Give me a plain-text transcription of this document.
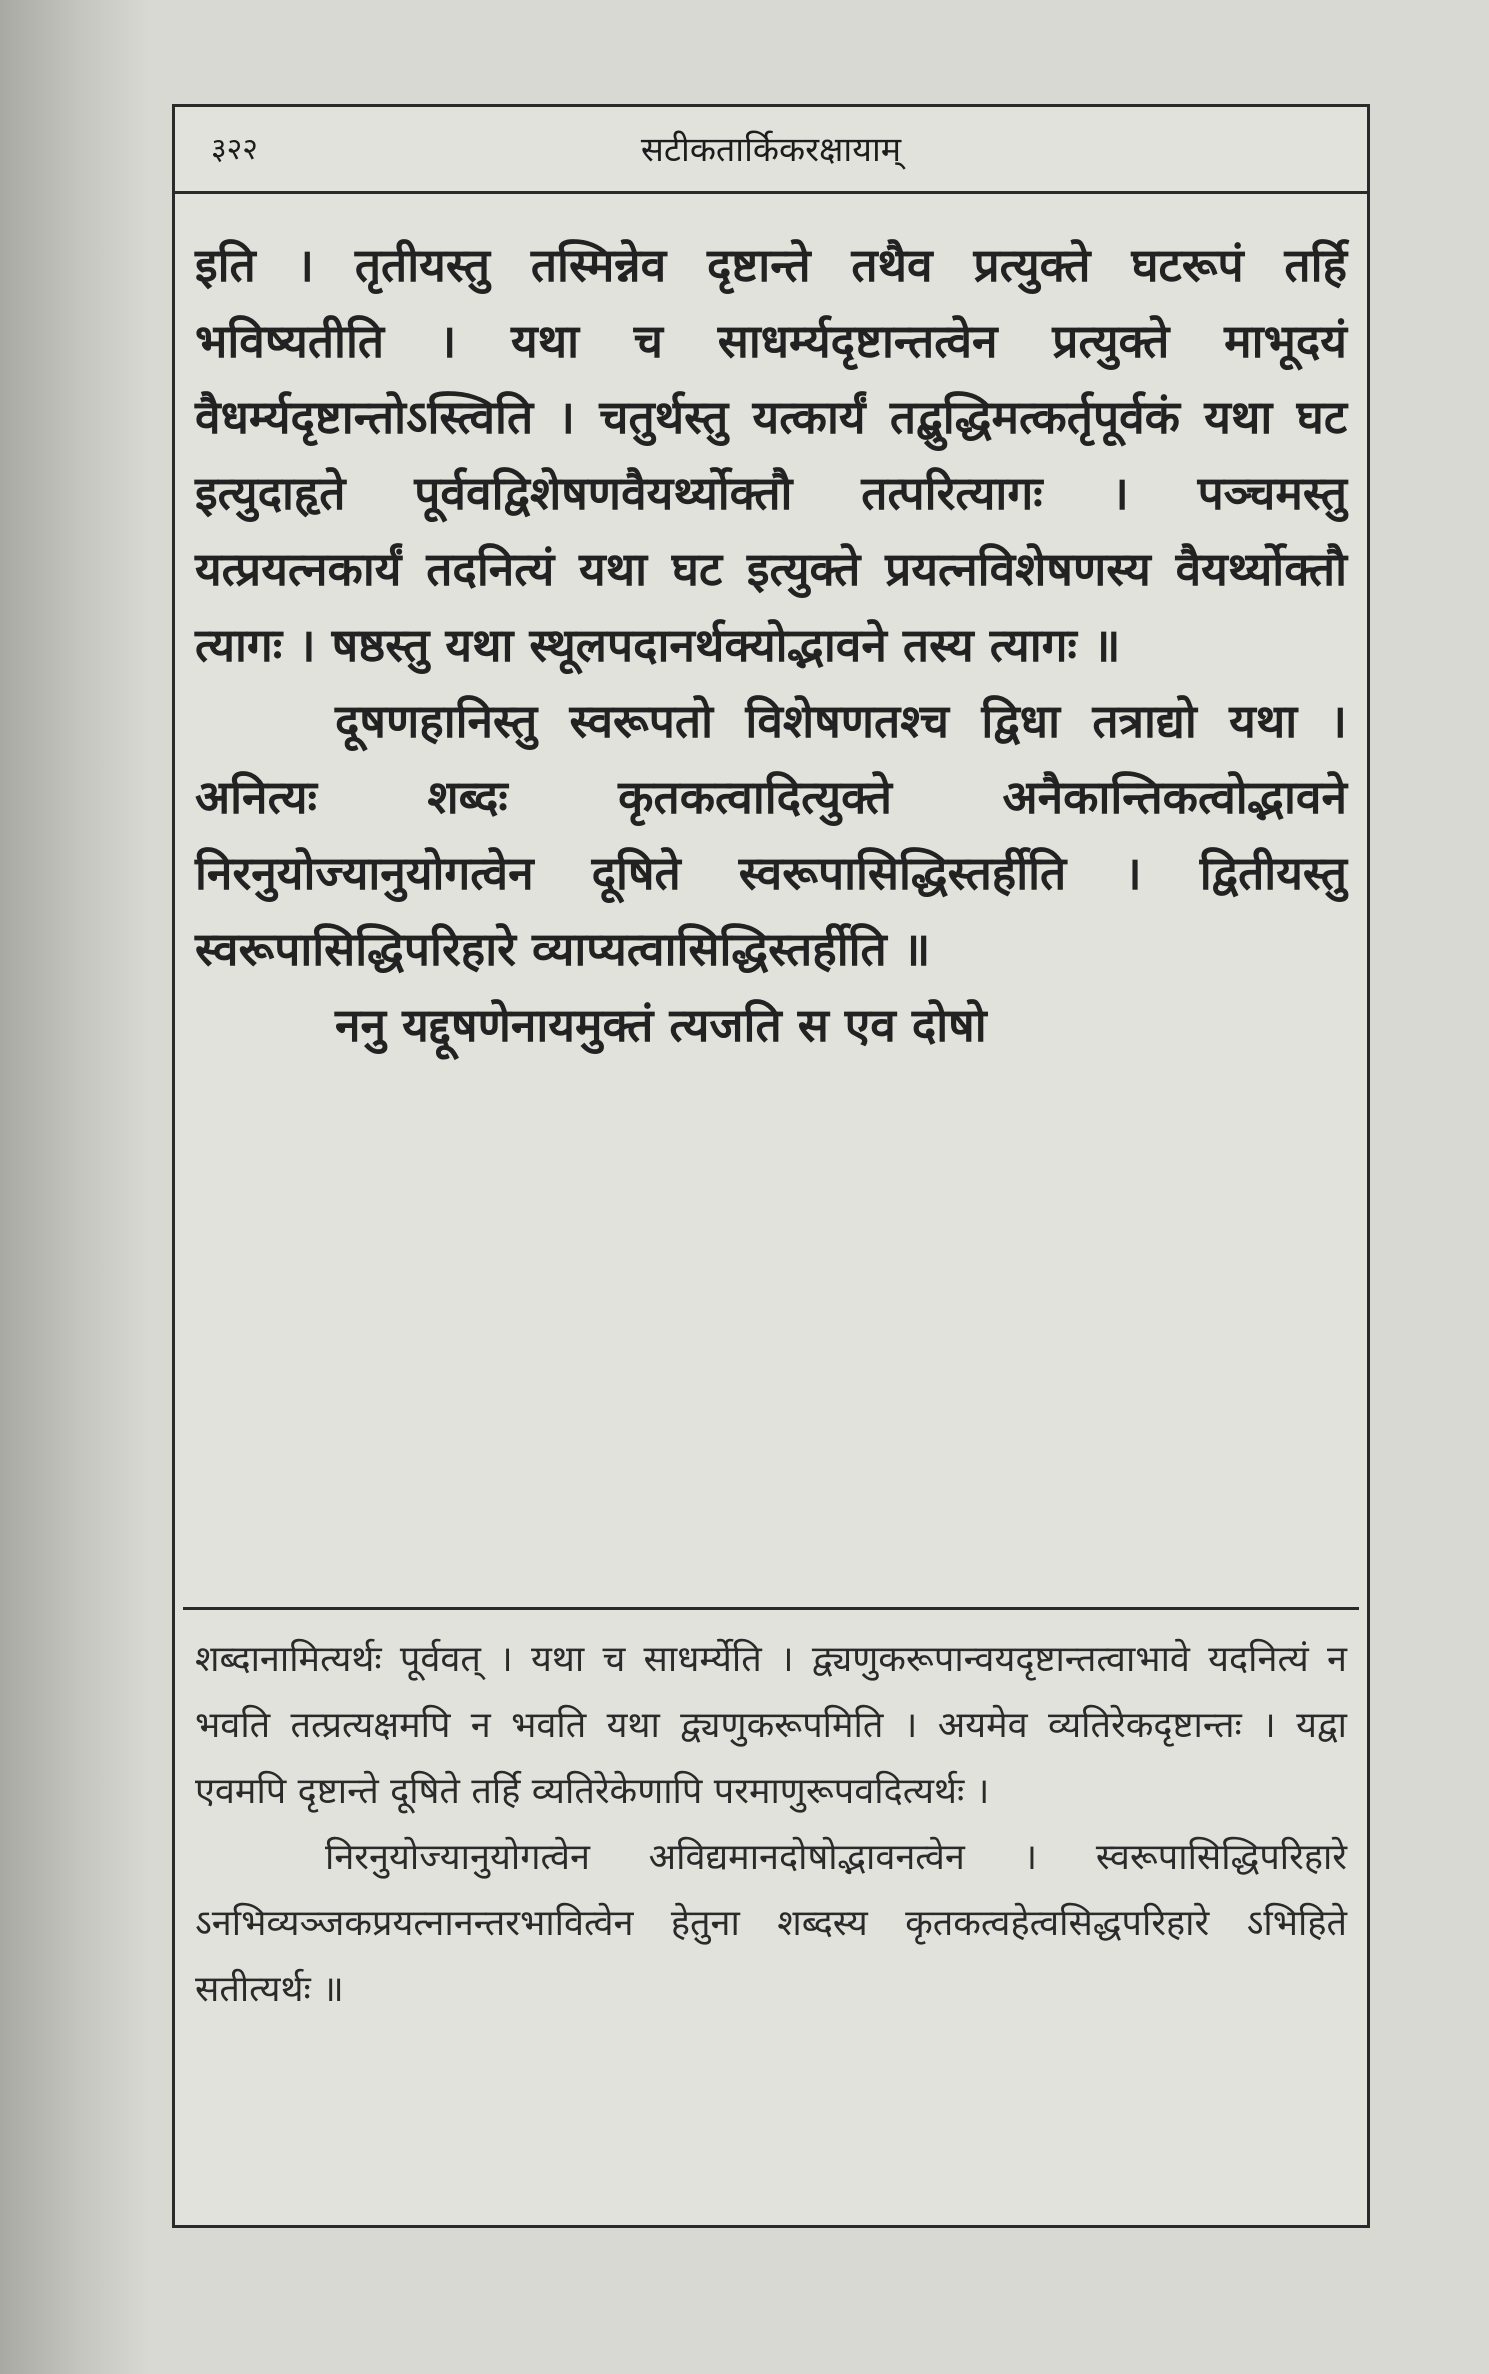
३२२	सटीकतार्किकरक्षायाम्

इति । तृतीयस्तु तस्मिन्नेव दृष्टान्ते तथैव प्रत्युक्ते घटरूपं तर्हि भविष्यतीति । यथा च साधर्म्यदृष्टान्तत्वेन प्रत्युक्ते माभूदयं वैधर्म्यदृष्टान्तोऽस्त्विति । चतुर्थस्तु यत्कार्यं तद्बुद्धिमत्कर्तृपूर्वकं यथा घट इत्युदाहृते पूर्ववद्विशेषणवैयर्थ्योक्तौ तत्परित्यागः । पञ्चमस्तु यत्प्रयत्नकार्यं तदनित्यं यथा घट इत्युक्ते प्रयत्नविशेषणस्य वैयर्थ्योक्तौ त्यागः । षष्ठस्तु यथा स्थूलपदानर्थक्योद्भावने तस्य त्यागः ॥

दूषणहानिस्तु स्वरूपतो विशेषणतश्च द्विधा तत्राद्यो यथा । अनित्यः शब्दः कृतकत्वादित्युक्ते अनैकान्तिकत्वोद्भावने निरनुयोज्यानुयोगत्वेन दूषिते स्वरूपासिद्धिस्तर्हीति । द्वितीयस्तु स्वरूपासिद्धिपरिहारे व्याप्यत्वासिद्धिस्तर्हीति ॥

ननु यद्दूषणेनायमुक्तं त्यजति स एव दोषो

शब्दानामित्यर्थः पूर्ववत् । यथा च साधर्म्येति । द्व्यणुकरूपान्वयदृष्टान्तत्वाभावे यदनित्यं न भवति तत्प्रत्यक्षमपि न भवति यथा द्व्यणुकरूपमिति । अयमेव व्यतिरेकदृष्टान्तः । यद्वा एवमपि दृष्टान्ते दूषिते तर्हि व्यतिरेकेणापि परमाणुरूपवदित्यर्थः ।

निरनुयोज्यानुयोगत्वेन अविद्यमानदोषोद्भावनत्वेन । स्वरूपासिद्धिपरिहारे ऽनभिव्यञ्जकप्रयत्नानन्तरभावित्वेन हेतुना शब्दस्य कृतकत्वहेत्वसिद्धपरिहारे ऽभिहिते सतीत्यर्थः ॥
